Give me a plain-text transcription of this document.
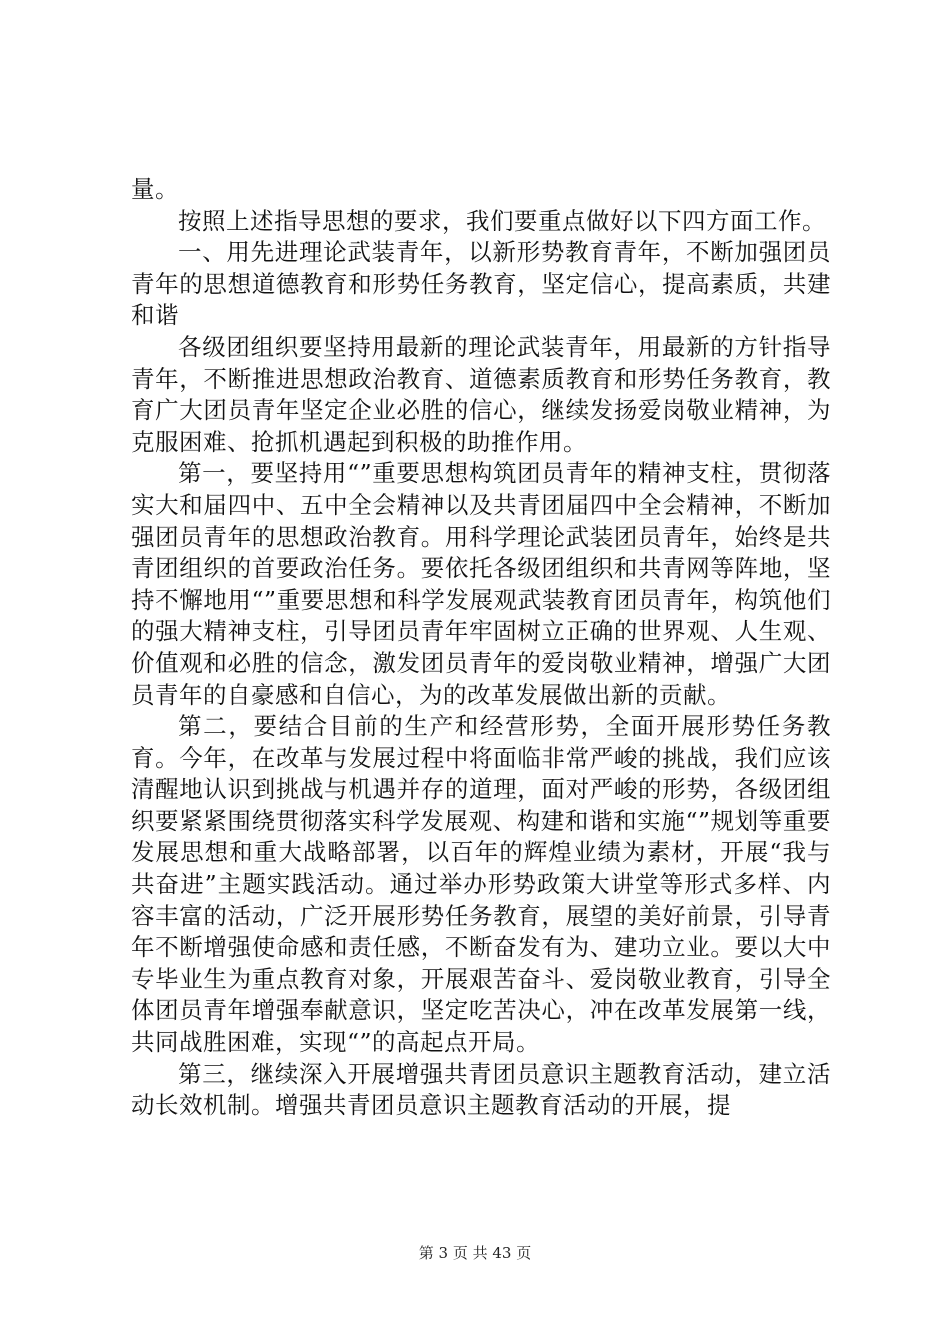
量。

按照上述指导思想的要求，我们要重点做好以下四方面工作。

一、用先进理论武装青年，以新形势教育青年，不断加强团员青年的思想道德教育和形势任务教育，坚定信心，提高素质，共建和谐

各级团组织要坚持用最新的理论武装青年，用最新的方针指导青年，不断推进思想政治教育、道德素质教育和形势任务教育，教育广大团员青年坚定企业必胜的信心，继续发扬爱岗敬业精神，为克服困难、抢抓机遇起到积极的助推作用。

第一，要坚持用“”重要思想构筑团员青年的精神支柱，贯彻落实大和届四中、五中全会精神以及共青团届四中全会精神，不断加强团员青年的思想政治教育。用科学理论武装团员青年，始终是共青团组织的首要政治任务。要依托各级团组织和共青网等阵地，坚持不懈地用“”重要思想和科学发展观武装教育团员青年，构筑他们的强大精神支柱，引导团员青年牢固树立正确的世界观、人生观、价值观和必胜的信念，激发团员青年的爱岗敬业精神，增强广大团员青年的自豪感和自信心，为的改革发展做出新的贡献。

第二，要结合目前的生产和经营形势，全面开展形势任务教育。今年，在改革与发展过程中将面临非常严峻的挑战，我们应该清醒地认识到挑战与机遇并存的道理，面对严峻的形势，各级团组织要紧紧围绕贯彻落实科学发展观、构建和谐和实施“”规划等重要发展思想和重大战略部署，以百年的辉煌业绩为素材，开展“我与共奋进”主题实践活动。通过举办形势政策大讲堂等形式多样、内容丰富的活动，广泛开展形势任务教育，展望的美好前景，引导青年不断增强使命感和责任感，不断奋发有为、建功立业。要以大中专毕业生为重点教育对象，开展艰苦奋斗、爱岗敬业教育，引导全体团员青年增强奉献意识，坚定吃苦决心，冲在改革发展第一线，共同战胜困难，实现“”的高起点开局。

第三，继续深入开展增强共青团员意识主题教育活动，建立活动长效机制。增强共青团员意识主题教育活动的开展，提

第 3 页 共 43 页
